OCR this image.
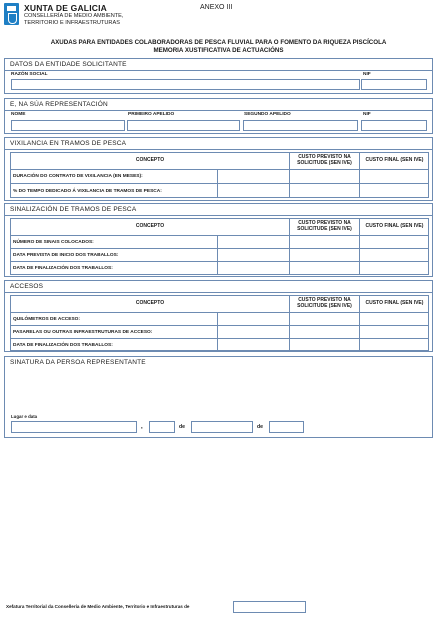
XUNTA DE GALICIA
CONSELLERÍA DE MEDIO AMBIENTE,
TERRITORIO E INFRAESTRUTURAS
ANEXO III
AXUDAS PARA ENTIDADES COLABORADORAS DE PESCA FLUVIAL PARA O FOMENTO DA RIQUEZA PISCÍCOLA
MEMORIA XUSTIFICATIVA DE ACTUACIÓNS
DATOS DA ENTIDADE SOLICITANTE
RAZÓN SOCIAL	NIF
E, NA SÚA REPRESENTACIÓN
NOME	PRIMEIRO APELIDO	SEGUNDO APELIDO	NIF
VIXILANCIA EN TRAMOS DE PESCA
CONCEPTO	CUSTO PREVISTO NA SOLICITUDE (SEN IVE)	CUSTO FINAL (SEN IVE)
DURACIÓN DO CONTRATO DE VIXILANCIA (EN MESES):
% DO TEMPO DEDICADO Á VIXILANCIA DE TRAMOS DE PESCA:
SINALIZACIÓN DE TRAMOS DE PESCA
CONCEPTO	CUSTO PREVISTO NA SOLICITUDE (SEN IVE)	CUSTO FINAL (SEN IVE)
NÚMERO DE SINAIS COLOCADOS:
DATA PREVISTA DE INICIO DOS TRABALLOS:
DATA DE FINALIZACIÓN DOS TRABALLOS:
ACCESOS
CONCEPTO	CUSTO PREVISTO NA SOLICITUDE (SEN IVE)	CUSTO FINAL (SEN IVE)
QUILÓMETROS DE ACCESO:
PASARELAS OU OUTRAS INFRAESTRUTURAS DE ACCESO:
DATA DE FINALIZACIÓN DOS TRABALLOS:
SINATURA DA PERSOA REPRESENTANTE
Lugar e data
,	de	de
Xefatura Territorial da Consellería de Medio Ambiente, Territorio e Infraestruturas de
